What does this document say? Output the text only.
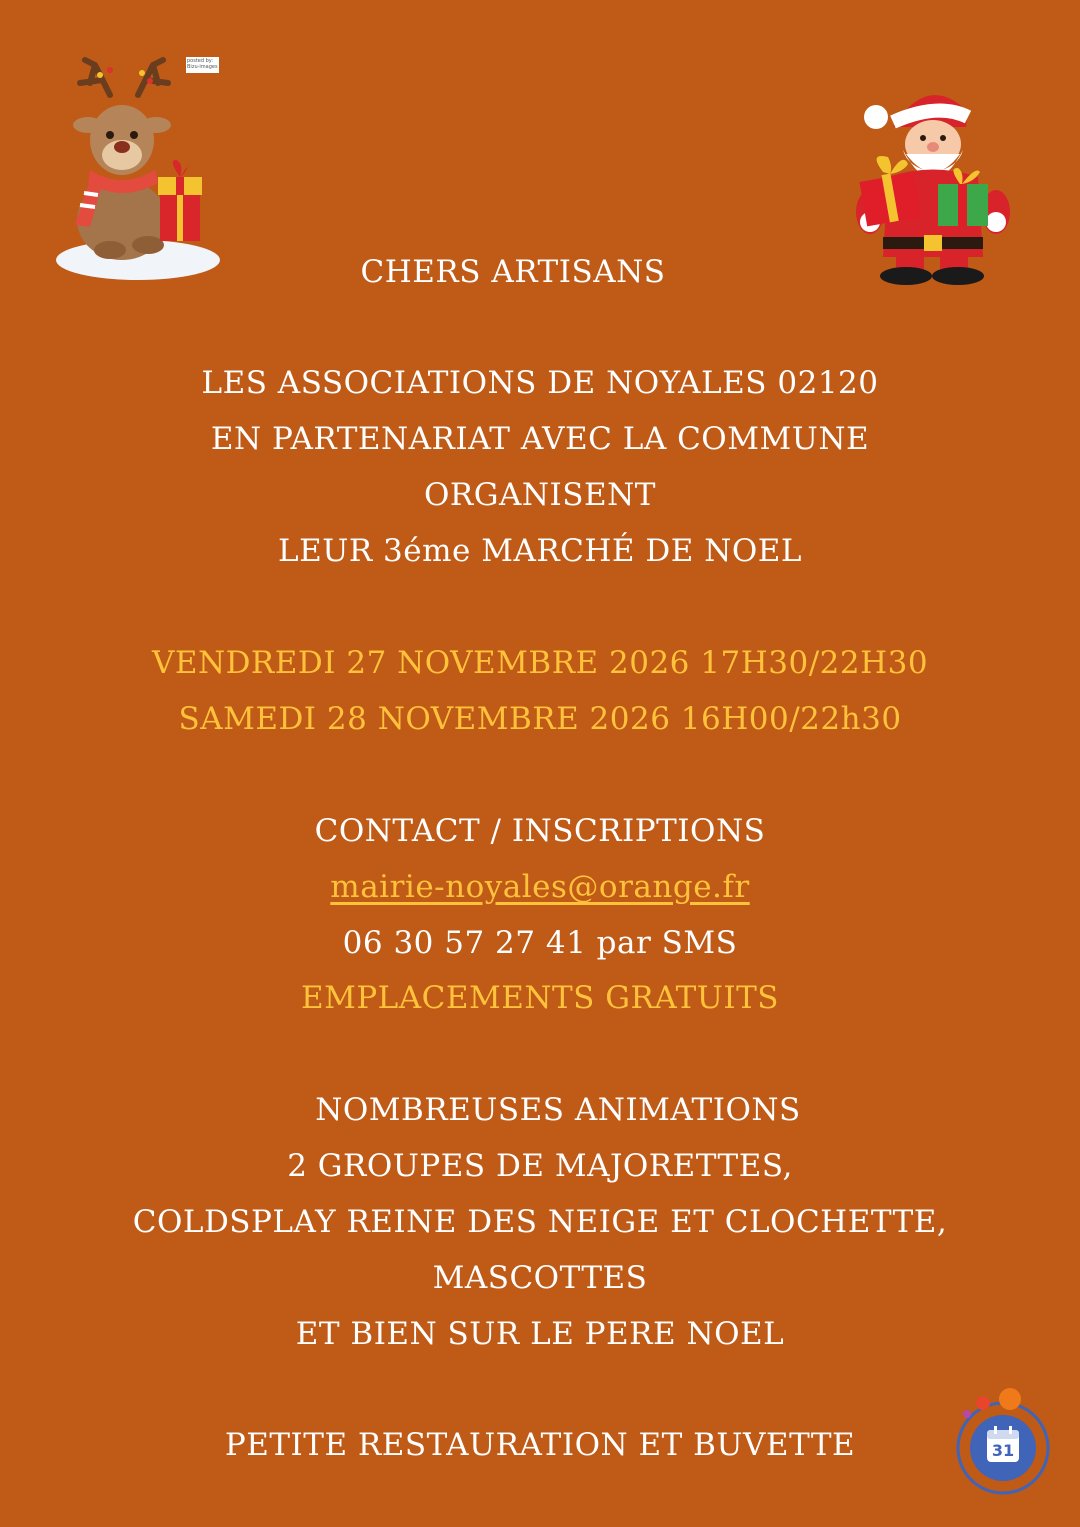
posted by: Bizu-images
CHERS ARTISANS
LES ASSOCIATIONS DE NOYALES 02120
EN PARTENARIAT AVEC LA COMMUNE
ORGANISENT
LEUR 3éme MARCHÉ DE NOEL
VENDREDI 27 NOVEMBRE 2026 17H30/22H30
SAMEDI 28 NOVEMBRE 2026 16H00/22h30
CONTACT / INSCRIPTIONS
mairie-noyales@orange.fr
06 30 57 27 41 par SMS
EMPLACEMENTS GRATUITS
NOMBREUSES ANIMATIONS
2 GROUPES DE MAJORETTES,
COLDSPLAY REINE DES NEIGE ET CLOCHETTE,
MASCOTTES
ET BIEN SUR LE PERE NOEL
PETITE RESTAURATION ET BUVETTE	31
